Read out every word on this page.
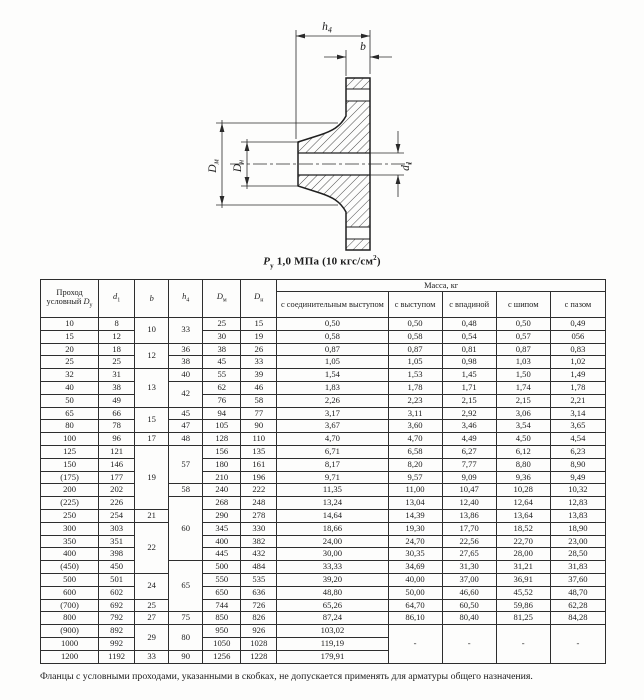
$h_4$
b
$D_м$
$D_н$
$d_1$
$Р_у$ 1,0 МПа (10 кгс/$см^2$)
Проход
условный $D_у$	$d_1$	b	$h_4$	$D_м$	$D_н$	Масса, кг				
						с соединительным выступом	с выступом	с впадиной	с шипом	с пазом
10	8	10	33	25	15	0,50	0,50	0,48	0,50	0,49
15	12			30	19	0,58	0,58	0,54	0,57	056
20	18	12	36	38	26	0,87	0,87	0,81	0,87	0,83
25	25		38	45	33	1,05	1,05	0,98	1,03	1,02
32	31	13	40	55	39	1,54	1,53	1,45	1,50	1,49
40	38		42	62	46	1,83	1,78	1,71	1,74	1,78
50	49			76	58	2,26	2,23	2,15	2,15	2,21
65	66	15	45	94	77	3,17	3,11	2,92	3,06	3,14
80	78		47	105	90	3,67	3,60	3,46	3,54	3,65
100	96	17	48	128	110	4,70	4,70	4,49	4,50	4,54
125	121	19	57	156	135	6,71	6,58	6,27	6,12	6,23
150	146			180	161	8,17	8,20	7,77	8,80	8,90
(175)	177			210	196	9,71	9,57	9,09	9,36	9,49
200	202		58	240	222	11,35	11,00	10,47	10,28	10,32
(225)	226		60	268	248	13,24	13,04	12,40	12,64	12,83
250	254	21		290	278	14,64	14,39	13,86	13,64	13,83
300	303	22		345	330	18,66	19,30	17,70	18,52	18,90
350	351			400	382	24,00	24,70	22,56	22,70	23,00
400	398			445	432	30,00	30,35	27,65	28,00	28,50
(450)	450		65	500	484	33,33	34,69	31,30	31,21	31,83
500	501	24		550	535	39,20	40,00	37,00	36,91	37,60
600	602			650	636	48,80	50,00	46,60	45,52	48,70
(700)	692	25		744	726	65,26	64,70	60,50	59,86	62,28
800	792	27	75	850	826	87,24	86,10	80,40	81,25	84,28
(900)	892	29	80	950	926	103,02	-	-	-	-
1000	992			1050	1028	119,19				
1200	1192	33	90	1256	1228	179,91				
Фланцы с условными проходами, указанными в скобках, не допускается применять для арматуры общего назначения.
